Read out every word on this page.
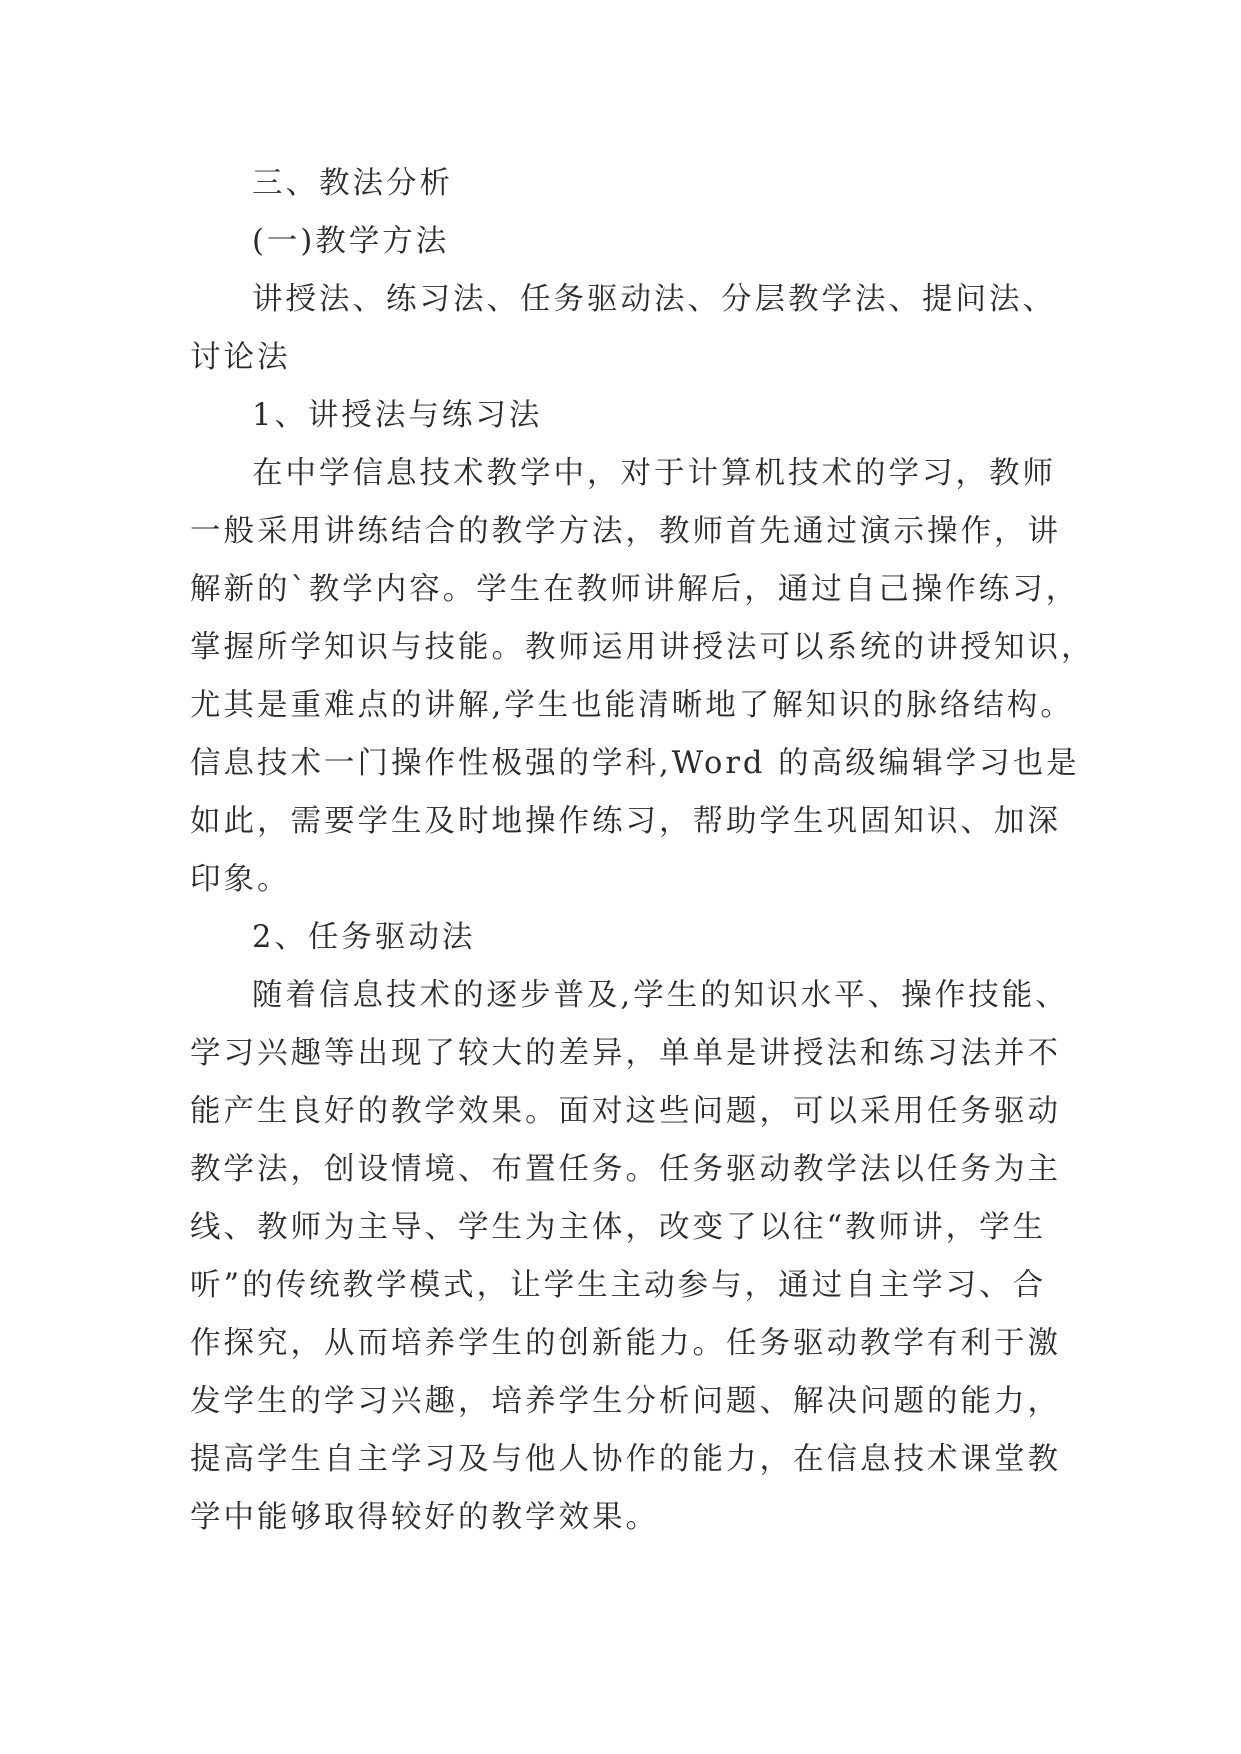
三、教法分析
(一)教学方法
讲授法、练习法、任务驱动法、分层教学法、提问法、
讨论法
1、讲授法与练习法
在中学信息技术教学中，对于计算机技术的学习，教师
一般采用讲练结合的教学方法，教师首先通过演示操作，讲
解新的`教学内容。学生在教师讲解后，通过自己操作练习，
掌握所学知识与技能。教师运用讲授法可以系统的讲授知识，
尤其是重难点的讲解,学生也能清晰地了解知识的脉络结构。
信息技术一门操作性极强的学科,Word 的高级编辑学习也是
如此，需要学生及时地操作练习，帮助学生巩固知识、加深
印象。
2、任务驱动法
随着信息技术的逐步普及,学生的知识水平、操作技能、
学习兴趣等出现了较大的差异，单单是讲授法和练习法并不
能产生良好的教学效果。面对这些问题，可以采用任务驱动
教学法，创设情境、布置任务。任务驱动教学法以任务为主
线、教师为主导、学生为主体，改变了以往“教师讲，学生
听”的传统教学模式，让学生主动参与，通过自主学习、合
作探究，从而培养学生的创新能力。任务驱动教学有利于激
发学生的学习兴趣，培养学生分析问题、解决问题的能力，
提高学生自主学习及与他人协作的能力，在信息技术课堂教
学中能够取得较好的教学效果。
